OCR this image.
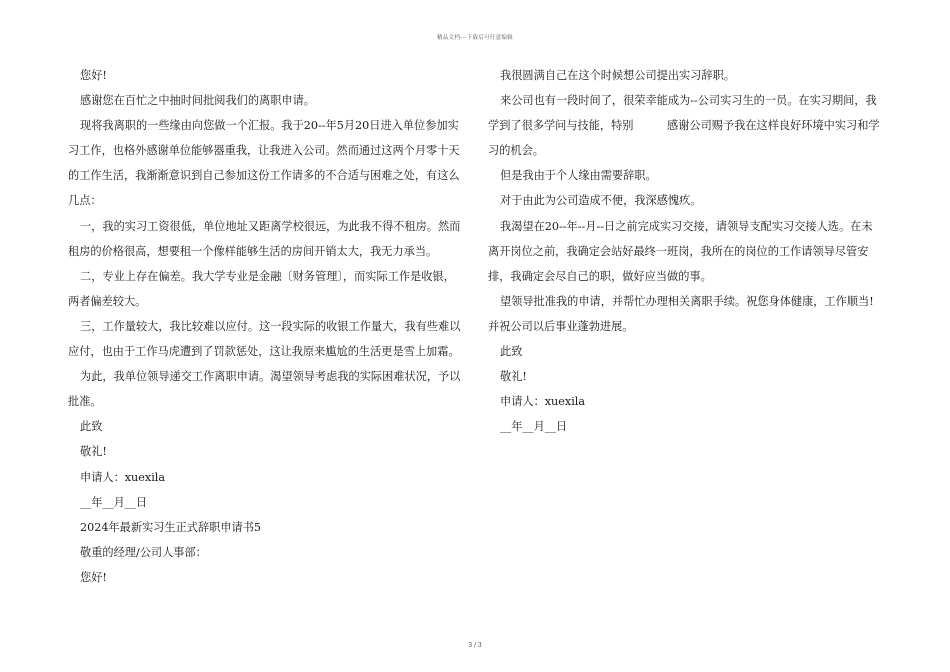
精品文档---下载后可任意编辑

您好!

感谢您在百忙之中抽时间批阅我们的离职申请。

现将我离职的一些缘由向您做一个汇报。我于20--年5月20日进入单位参加实习工作，也格外感谢单位能够器重我，让我进入公司。然而通过这两个月零十天的工作生活，我渐渐意识到自己参加这份工作请多的不合适与困难之处，有这么几点：

一，我的实习工资很低，单位地址又距离学校很远，为此我不得不租房。然而租房的价格很高，想要租一个像样能够生活的房间开销太大，我无力承当。

二，专业上存在偏差。我大学专业是金融〔财务管理〕，而实际工作是收银，两者偏差较大。

三，工作量较大，我比较难以应付。这一段实际的收银工作量大，我有些难以应付，也由于工作马虎遭到了罚款惩处，这让我原来尴尬的生活更是雪上加霜。

为此，我单位领导递交工作离职申请。渴望领导考虑我的实际困难状况，予以批准。

此致

敬礼!

申请人：xuexila

__年__月__日

2024年最新实习生正式辞职申请书5

敬重的经理/公司人事部：

您好!

我很圆满自己在这个时候想公司提出实习辞职。

来公司也有一段时间了，很荣幸能成为--公司实习生的一员。在实习期间，我学到了很多学问与技能，特别　　　感谢公司赐予我在这样良好环境中实习和学习的机会。

但是我由于个人缘由需要辞职。

对于由此为公司造成不便，我深感愧疚。

我渴望在20--年--月--日之前完成实习交接，请领导支配实习交接人选。在未离开岗位之前，我确定会站好最终一班岗，我所在的岗位的工作请领导尽管安排，我确定会尽自己的职，做好应当做的事。

望领导批准我的申请，并帮忙办理相关离职手续。祝您身体健康，工作顺当!并祝公司以后事业蓬勃进展。

此致

敬礼!

申请人：xuexila

__年__月__日

3 / 3
